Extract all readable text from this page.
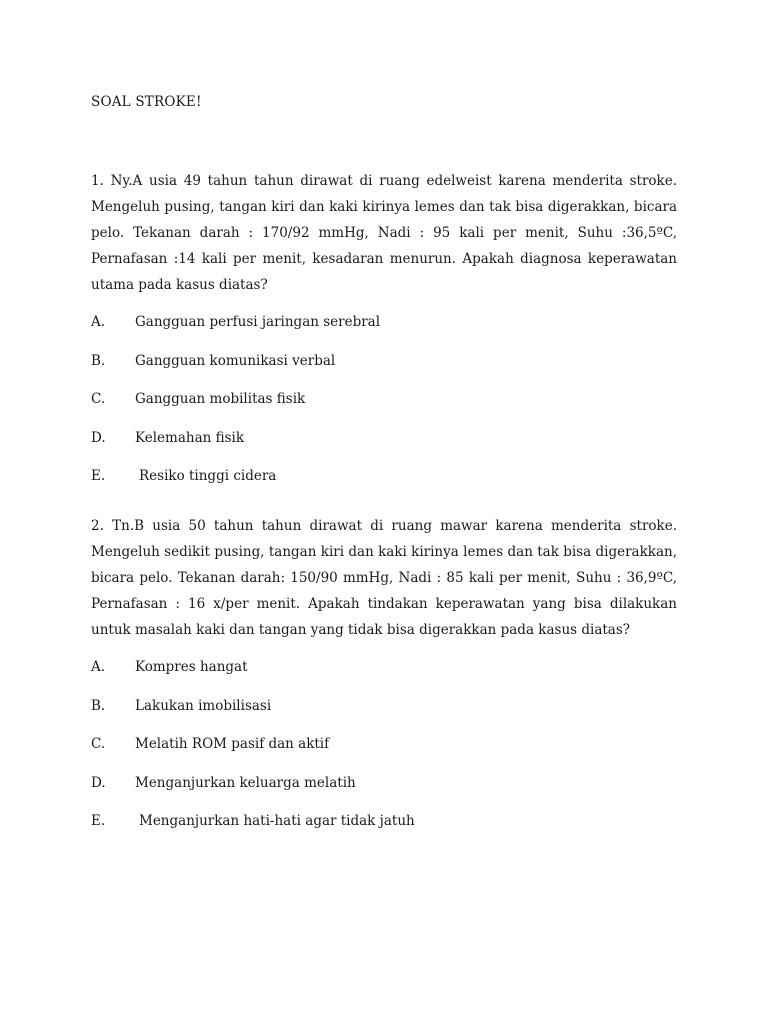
SOAL STROKE!

1. Ny.A usia 49 tahun tahun dirawat di ruang edelweist karena menderita stroke. Mengeluh pusing, tangan kiri dan kaki kirinya lemes dan tak bisa digerakkan, bicara pelo. Tekanan darah : 170/92 mmHg, Nadi : 95 kali per menit, Suhu :36,5ºC, Pernafasan :14 kali per menit, kesadaran menurun. Apakah diagnosa keperawatan utama pada kasus diatas?

A.	Gangguan perfusi jaringan serebral
B.	Gangguan komunikasi verbal
C.	Gangguan mobilitas fisik
D.	Kelemahan fisik
E.	Resiko tinggi cidera

2. Tn.B usia 50 tahun tahun dirawat di ruang mawar karena menderita stroke. Mengeluh sedikit pusing, tangan kiri dan kaki kirinya lemes dan tak bisa digerakkan, bicara pelo. Tekanan darah: 150/90 mmHg, Nadi : 85 kali per menit, Suhu : 36,9ºC, Pernafasan : 16 x/per menit. Apakah tindakan keperawatan yang bisa dilakukan untuk masalah kaki dan tangan yang tidak bisa digerakkan pada kasus diatas?

A.	Kompres hangat
B.	Lakukan imobilisasi
C.	Melatih ROM pasif dan aktif
D.	Menganjurkan keluarga melatih
E.	Menganjurkan hati-hati agar tidak jatuh
